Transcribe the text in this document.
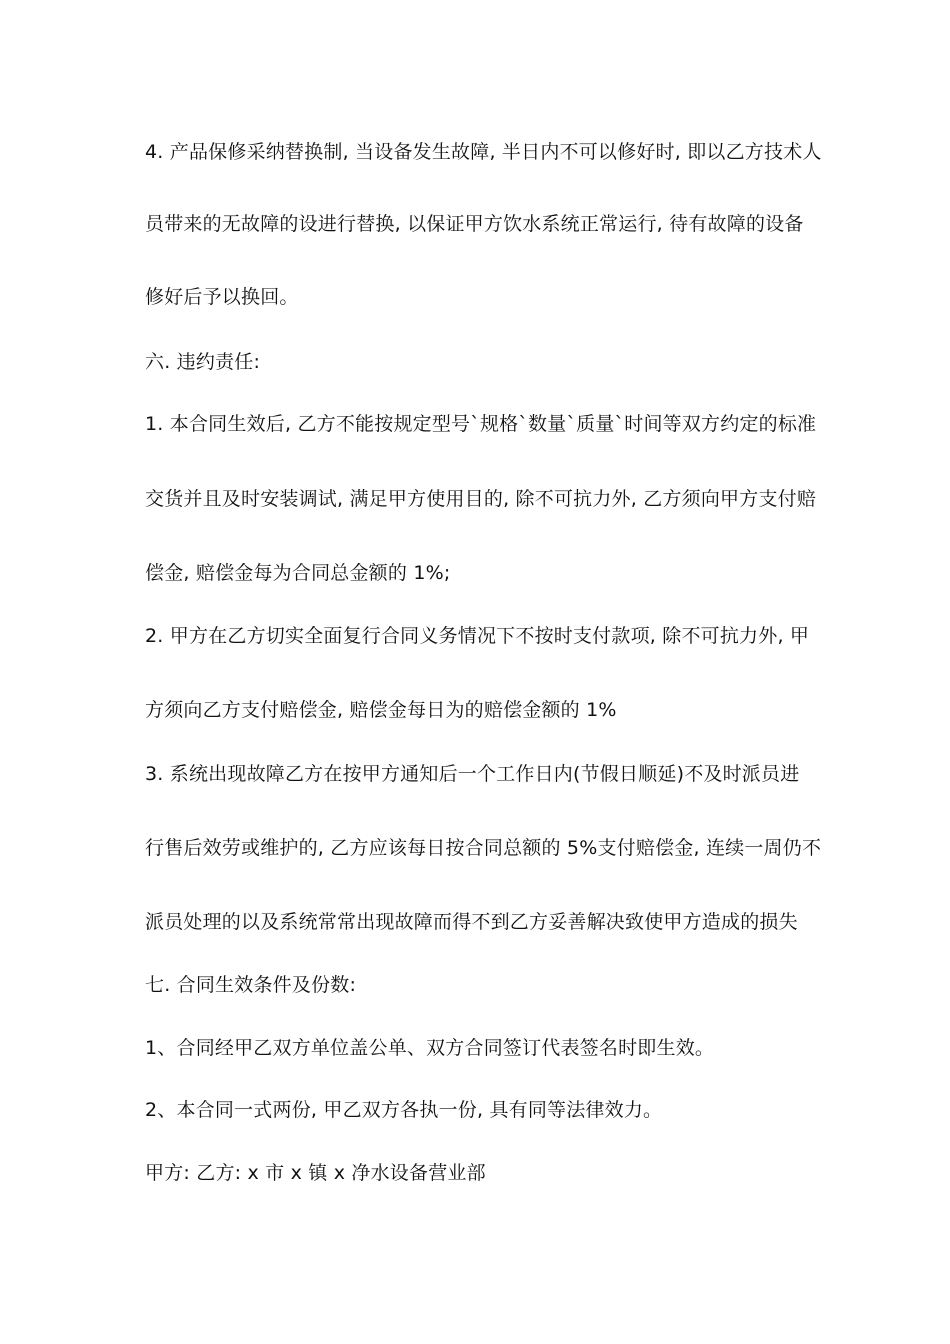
4. 产品保修采纳替换制, 当设备发生故障, 半日内不可以修好时, 即以乙方技术人
员带来的无故障的设进行替换, 以保证甲方饮水系统正常运行, 待有故障的设备
修好后予以换回。
六. 违约责任:
1. 本合同生效后, 乙方不能按规定型号`规格`数量`质量`时间等双方约定的标准
交货并且及时安装调试, 满足甲方使用目的, 除不可抗力外, 乙方须向甲方支付赔
偿金, 赔偿金每为合同总金额的 1%;
2. 甲方在乙方切实全面复行合同义务情况下不按时支付款项, 除不可抗力外, 甲
方须向乙方支付赔偿金, 赔偿金每日为的赔偿金额的 1%
3. 系统出现故障乙方在按甲方通知后一个工作日内(节假日顺延)不及时派员进
行售后效劳或维护的, 乙方应该每日按合同总额的 5%支付赔偿金, 连续一周仍不
派员处理的以及系统常常出现故障而得不到乙方妥善解决致使甲方造成的损失
七. 合同生效条件及份数:
1、合同经甲乙双方单位盖公单、双方合同签订代表签名时即生效。
2、本合同一式两份, 甲乙双方各执一份, 具有同等法律效力。
甲方: 乙方: x 市 x 镇 x 净水设备营业部
